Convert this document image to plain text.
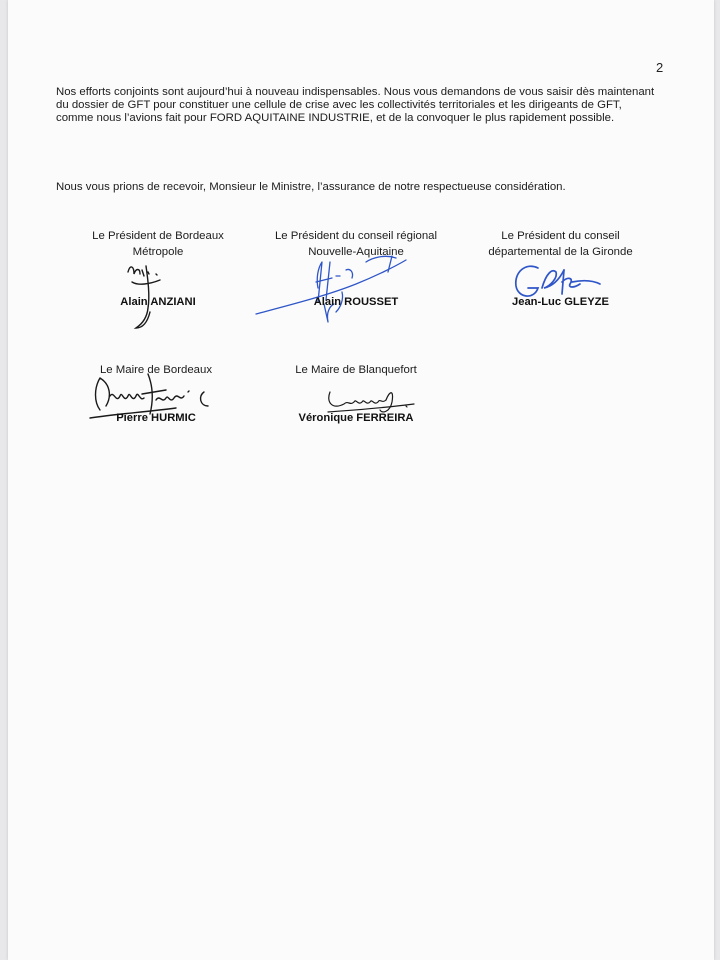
2

Nos efforts conjoints sont aujourd’hui à nouveau indispensables. Nous vous demandons de vous saisir dès maintenant du dossier de GFT pour constituer une cellule de crise avec les collectivités territoriales et les dirigeants de GFT, comme nous l’avions fait pour FORD AQUITAINE INDUSTRIE, et de la convoquer le plus rapidement possible.

Nous vous prions de recevoir, Monsieur le Ministre, l’assurance de notre respectueuse considération.

Le Président de Bordeaux
Métropole
Alain ANZIANI
Le Président du conseil régional
Nouvelle-Aquitaine
Alain ROUSSET
Le Président du conseil
départemental de la Gironde
Jean-Luc GLEYZE
Le Maire de Bordeaux
Pierre HURMIC
Le Maire de Blanquefort
Véronique FERREIRA
